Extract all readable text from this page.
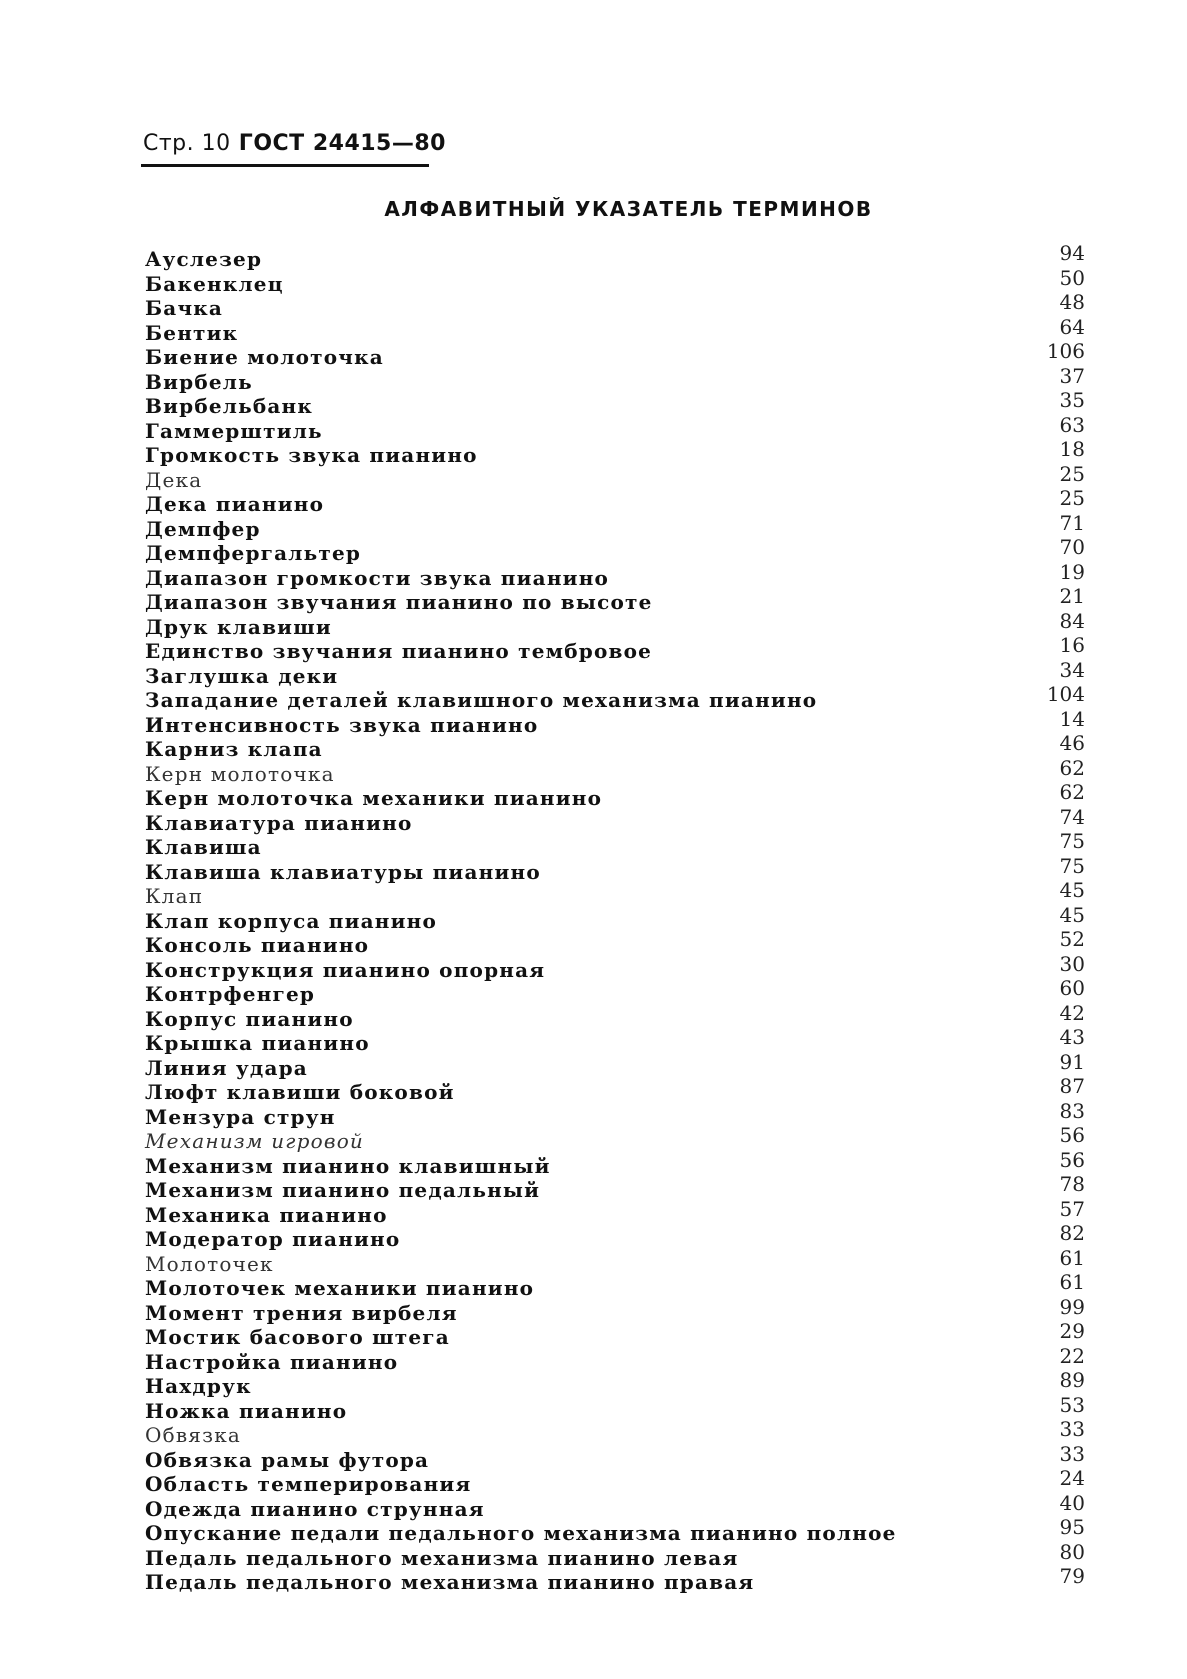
Стр. 10 ГОСТ 24415—80
АЛФАВИТНЫЙ УКАЗАТЕЛЬ ТЕРМИНОВ
Ауслезер	94
Бакенклец	50
Бачка	48
Бентик	64
Биение молоточка	106
Вирбель	37
Вирбельбанк	35
Гаммерштиль	63
Громкость звука пианино	18
Дека	25
Дека пианино	25
Демпфер	71
Демпфергальтер	70
Диапазон громкости звука пианино	19
Диапазон звучания пианино по высоте	21
Друк клавиши	84
Единство звучания пианино тембровое	16
Заглушка деки	34
Западание деталей клавишного механизма пианино	104
Интенсивность звука пианино	14
Карниз клапа	46
Керн молоточка	62
Керн молоточка механики пианино	62
Клавиатура пианино	74
Клавиша	75
Клавиша клавиатуры пианино	75
Клап	45
Клап корпуса пианино	45
Консоль пианино	52
Конструкция пианино опорная	30
Контрфенгер	60
Корпус пианино	42
Крышка пианино	43
Линия удара	91
Люфт клавиши боковой	87
Мензура струн	83
Механизм игровой	56
Механизм пианино клавишный	56
Механизм пианино педальный	78
Механика пианино	57
Модератор пианино	82
Молоточек	61
Молоточек механики пианино	61
Момент трения вирбеля	99
Мостик басового штега	29
Настройка пианино	22
Нахдрук	89
Ножка пианино	53
Обвязка	33
Обвязка рамы футора	33
Область темперирования	24
Одежда пианино струнная	40
Опускание педали педального механизма пианино полное	95
Педаль педального механизма пианино левая	80
Педаль педального механизма пианино правая	79
